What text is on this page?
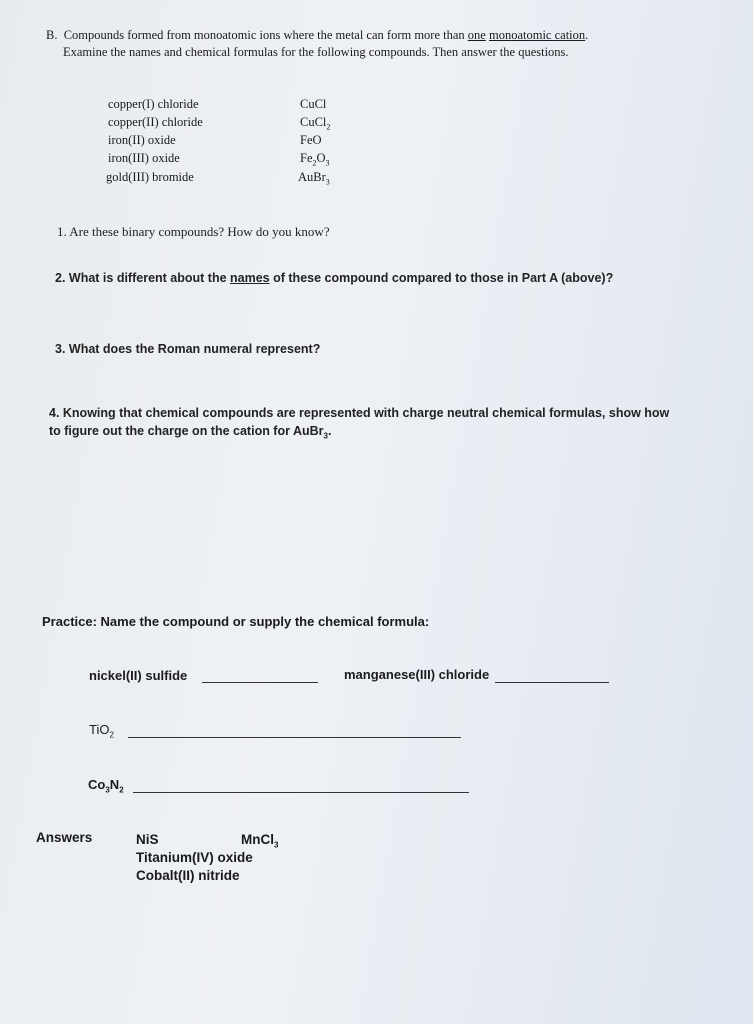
B. Compounds formed from monoatomic ions where the metal can form more than one monoatomic cation.
Examine the names and chemical formulas for the following compounds. Then answer the questions.
copper(I) chloride	CuCl
copper(II) chloride	CuCl$_2$
iron(II) oxide	FeO
iron(III) oxide	$Fe_2O_3$
gold(III) bromide	AuBr$_3$
1. Are these binary compounds? How do you know?
2. What is different about the names of these compound compared to those in Part A (above)?
3. What does the Roman numeral represent?
4. Knowing that chemical compounds are represented with charge neutral chemical formulas, show how
to figure out the charge on the cation for AuBr$_3$.
Practice: Name the compound or supply the chemical formula:
nickel(II) sulfide	manganese(III) chloride
TiO$_2$
$Co_3N_2$
Answers	NiS	MnCl$_3$
Titanium(IV) oxide
Cobalt(II) nitride
